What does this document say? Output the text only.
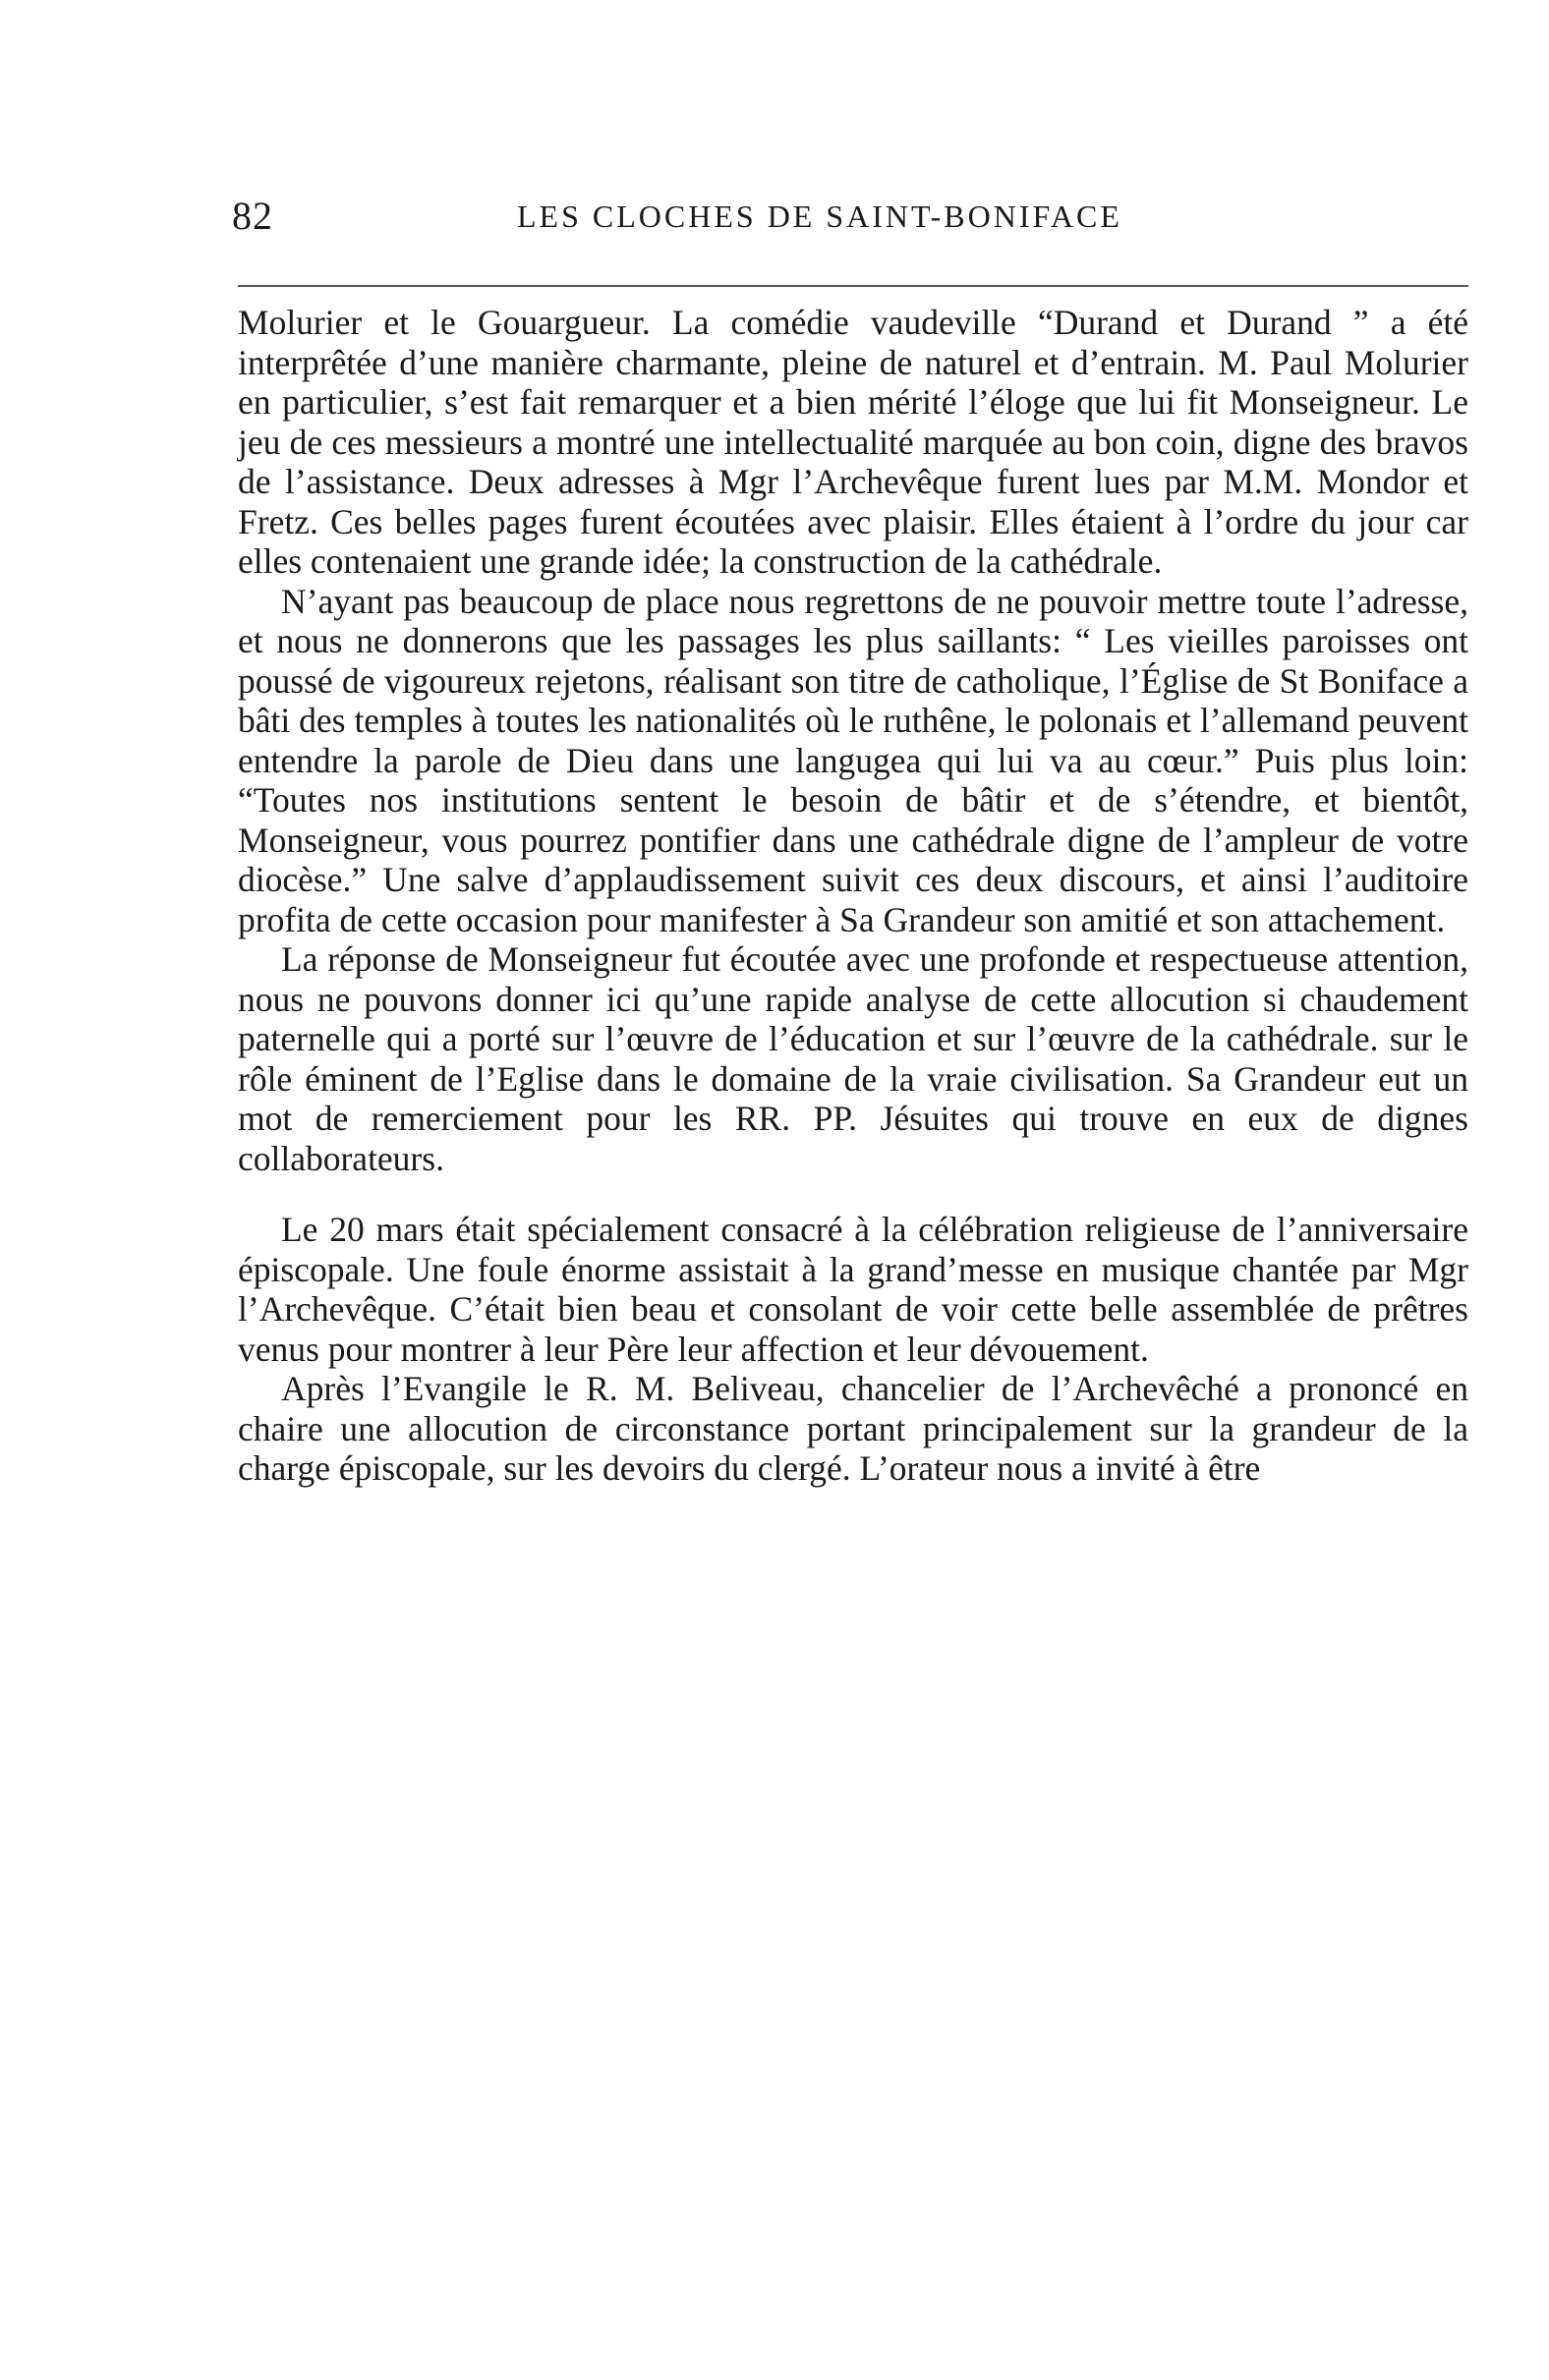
82	LES CLOCHES DE SAINT-BONIFACE

Molurier et le Gouargueur. La comédie vaudeville “Durand et Durand ” a été interprêtée d’une manière charmante, pleine de naturel et d’entrain. M. Paul Molurier en particulier, s’est fait remarquer et a bien mérité l’éloge que lui fit Monseigneur. Le jeu de ces messieurs a montré une intellectualité marquée au bon coin, digne des bravos de l’assistance. Deux adresses à Mgr l’Archevêque furent lues par M.M. Mondor et Fretz. Ces belles pages furent écoutées avec plaisir. Elles étaient à l’ordre du jour car elles contenaient une grande idée; la construction de la cathédrale.

N’ayant pas beaucoup de place nous regrettons de ne pouvoir mettre toute l’adresse, et nous ne donnerons que les passages les plus saillants: “ Les vieilles paroisses ont poussé de vigoureux rejetons, réalisant son titre de catholique, l’Église de St Boniface a bâti des temples à toutes les nationalités où le ruthêne, le polonais et l’allemand peuvent entendre la parole de Dieu dans une langugea qui lui va au cœur.” Puis plus loin: “Toutes nos institutions sentent le besoin de bâtir et de s’étendre, et bientôt, Monseigneur, vous pourrez pontifier dans une cathédrale digne de l’ampleur de votre diocèse.” Une salve d’applaudissement suivit ces deux discours, et ainsi l’auditoire profita de cette occasion pour manifester à Sa Grandeur son amitié et son attachement.

La réponse de Monseigneur fut écoutée avec une profonde et respectueuse attention, nous ne pouvons donner ici qu’une rapide analyse de cette allocution si chaudement paternelle qui a porté sur l’œuvre de l’éducation et sur l’œuvre de la cathédrale. sur le rôle éminent de l’Eglise dans le domaine de la vraie civilisation. Sa Grandeur eut un mot de remerciement pour les RR. PP. Jésuites qui trouve en eux de dignes collaborateurs.

Le 20 mars était spécialement consacré à la célébration religieuse de l’anniversaire épiscopale. Une foule énorme assistait à la grand’messe en musique chantée par Mgr l’Archevêque. C’était bien beau et consolant de voir cette belle assemblée de prêtres venus pour montrer à leur Père leur affection et leur dévouement.

Après l’Evangile le R. M. Beliveau, chancelier de l’Archevêché a prononcé en chaire une allocution de circonstance portant principalement sur la grandeur de la charge épiscopale, sur les devoirs du clergé. L’orateur nous a invité à être
